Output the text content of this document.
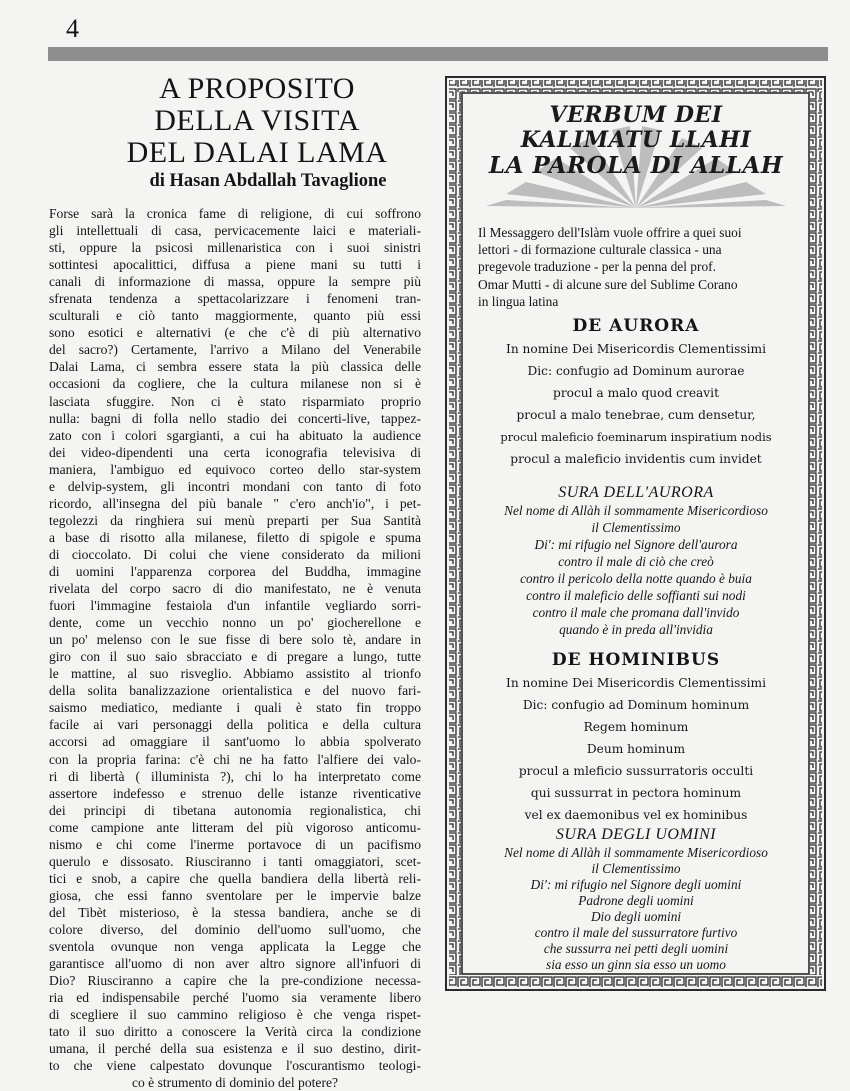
4
A PROPOSITO
DELLA VISITA
DEL DALAI LAMA
di Hasan Abdallah Tavaglione
Forse sarà la cronica fame di religione, di cui soffrono
gli intellettuali di casa, pervicacemente laici e materiali-
sti, oppure la psicosi millenaristica con i suoi sinistri
sottintesi apocalittici, diffusa a piene mani su tutti i
canali di informazione di massa, oppure la sempre più
sfrenata tendenza a spettacolarizzare i fenomeni tran-
sculturali e ciò tanto maggiormente, quanto più essi
sono esotici e alternativi (e che c'è di più alternativo
del sacro?) Certamente, l'arrivo a Milano del Venerabile
Dalai Lama, ci sembra essere stata la più classica delle
occasioni da cogliere, che la cultura milanese non si è
lasciata sfuggire. Non ci è stato risparmiato proprio
nulla: bagni di folla nello stadio dei concerti-live, tappez-
zato con i colori sgargianti, a cui ha abituato la audience
dei video-dipendenti una certa iconografia televisiva di
maniera, l'ambiguo ed equivoco corteo dello star-system
e delvip-system, gli incontri mondani con tanto di foto
ricordo, all'insegna del più banale " c'ero anch'io", i pet-
tegolezzi da ringhiera sui menù preparti per Sua Santità
a base di risotto alla milanese, filetto di spigole e spuma
di cioccolato. Di colui che viene considerato da milioni
di uomini l'apparenza corporea del Buddha, immagine
rivelata del corpo sacro di dio manifestato, ne è venuta
fuori l'immagine festaiola d'un infantile vegliardo sorri-
dente, come un vecchio nonno un po' giocherellone e
un po' melenso con le sue fisse di bere solo tè, andare in
giro con il suo saio sbracciato e di pregare a lungo, tutte
le mattine, al suo risveglio. Abbiamo assistito al trionfo
della solita banalizzazione orientalistica e del nuovo fari-
saismo mediatico, mediante i quali è stato fin troppo
facile ai vari personaggi della politica e della cultura
accorsi ad omaggiare il sant'uomo lo abbia spolverato
con la propria farina: c'è chi ne ha fatto l'alfiere dei valo-
ri di libertà ( illuminista ?), chi lo ha interpretato come
assertore indefesso e strenuo delle istanze riventicative
dei principi di tibetana autonomia regionalistica, chi
come campione ante litteram del più vigoroso anticomu-
nismo e chi come l'inerme portavoce di un pacifismo
querulo e dissosato. Riusciranno i tanti omaggiatori, scet-
tici e snob, a capire che quella bandiera della libertà reli-
giosa, che essi fanno sventolare per le impervie balze
del Tibèt misterioso, è la stessa bandiera, anche se di
colore diverso, del dominio dell'uomo sull'uomo, che
sventola ovunque non venga applicata la Legge che
garantisce all'uomo di non aver altro signore all'infuori di
Dio? Riusciranno a capire che la pre-condizione necessa-
ria ed indispensabile perché l'uomo sia veramente libero
di scegliere il suo cammino religioso è che venga rispet-
tato il suo diritto a conoscere la Verità circa la condizione
umana, il perché della sua esistenza e il suo destino, dirit-
to che viene calpestato dovunque l'oscurantismo teologi-
co è strumento di dominio del potere?
VERBUM DEI
KALIMATU LLAHI
LA PAROLA DI ALLAH
Il Messaggero dell'Islàm vuole offrire a quei suoi
lettori - di formazione culturale classica - una
pregevole traduzione - per la penna del prof.
Omar Mutti - di alcune sure del Sublime Corano
in lingua latina
DE AURORA
In nomine Dei Misericordis Clementissimi
Dic: confugio ad Dominum aurorae
procul a malo quod creavit
procul a malo tenebrae, cum densetur,
procul maleficio foeminarum inspiratium nodis
procul a maleficio invidentis cum invidet
SURA DELL'AURORA
Nel nome di Allàh il sommamente Misericordioso
il Clementissimo
Di': mi rifugio nel Signore dell'aurora
contro il male di ciò che creò
contro il pericolo della notte quando è buia
contro il maleficio delle soffianti sui nodi
contro il male che promana dall'invido
quando è in preda all'invidia
DE HOMINIBUS
In nomine Dei Misericordis Clementissimi
Dic: confugio ad Dominum hominum
Regem hominum
Deum hominum
procul a mleficio sussurratoris occulti
qui sussurrat in pectora hominum
vel ex daemonibus vel ex hominibus
SURA DEGLI UOMINI
Nel nome di Allàh il sommamente Misericordioso
il Clementissimo
Di': mi rifugio nel Signore degli uomini
Padrone degli uomini
Dio degli uomini
contro il male del sussurratore furtivo
che sussurra nei petti degli uomini
sia esso un ginn sia esso un uomo
